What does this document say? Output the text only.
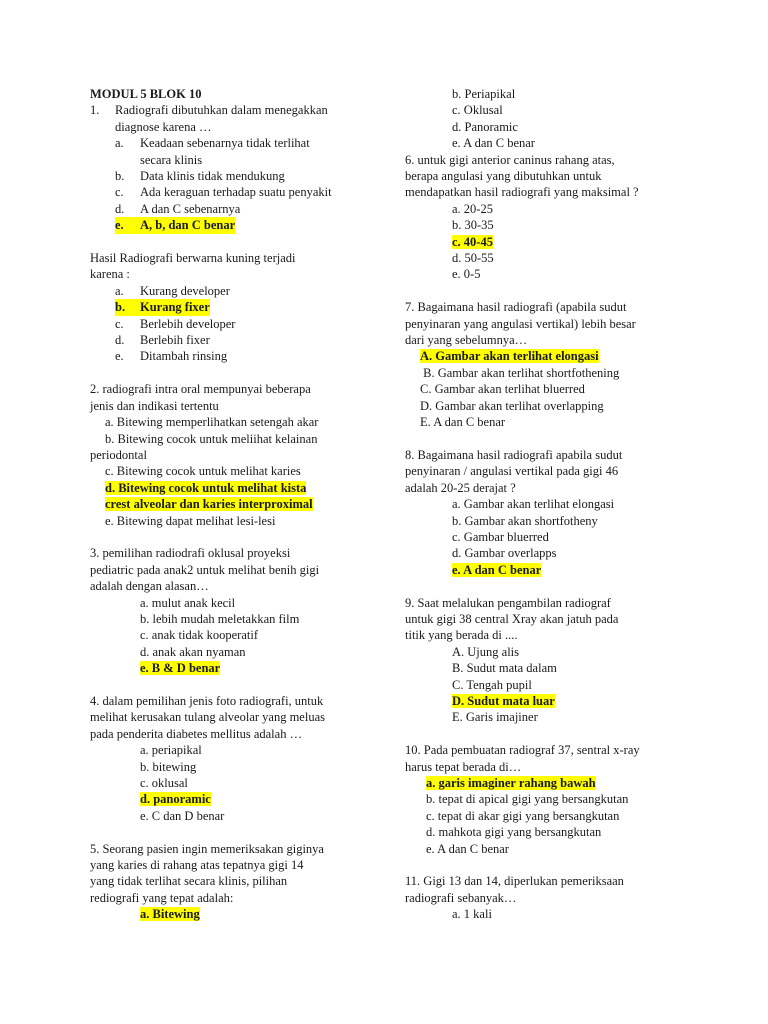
MODUL 5 BLOK 10
1.	Radiografi dibutuhkan dalam menegakkan
diagnose karena …
a.	Keadaan sebenarnya tidak terlihat
secara klinis
b.	Data klinis tidak mendukung
c.	Ada keraguan terhadap suatu penyakit
d.	A dan C sebenarnya
e.	A, b, dan C benar
Hasil Radiografi berwarna kuning terjadi
karena :
a.	Kurang developer
b.	Kurang fixer
c.	Berlebih developer
d.	Berlebih fixer
e.	Ditambah rinsing
2. radiografi intra oral mempunyai beberapa
jenis dan indikasi tertentu
a. Bitewing memperlihatkan setengah akar
b. Bitewing cocok untuk meliihat kelainan
periodontal
c. Bitewing cocok untuk melihat karies
d. Bitewing cocok untuk melihat kista
crest alveolar dan karies interproximal
e. Bitewing dapat melihat lesi-lesi
3. pemilihan radiodrafi oklusal proyeksi
pediatric pada anak2 untuk melihat benih gigi
adalah dengan alasan…
a. mulut anak kecil
b. lebih mudah meletakkan film
c. anak tidak kooperatif
d. anak akan nyaman
e. B & D benar
4. dalam pemilihan jenis foto radiografi, untuk
melihat kerusakan tulang alveolar yang meluas
pada penderita diabetes mellitus adalah …
a. periapikal
b. bitewing
c. oklusal
d. panoramic
e. C dan D benar
5. Seorang pasien ingin memeriksakan giginya
yang karies di rahang atas tepatnya gigi 14
yang tidak terlihat secara klinis, pilihan
rediografi yang tepat adalah:
a. Bitewing
b. Periapikal
c. Oklusal
d. Panoramic
e. A dan C benar
6. untuk gigi anterior caninus rahang atas,
berapa angulasi yang dibutuhkan untuk
mendapatkan hasil radiografi yang maksimal ?
a. 20-25
b. 30-35
c. 40-45
d. 50-55
e. 0-5
7. Bagaimana hasil radiografi (apabila sudut
penyinaran yang angulasi vertikal) lebih besar
dari yang sebelumnya…
A. Gambar akan terlihat elongasi
B. Gambar akan terlihat shortfothening
C. Gambar akan terlihat bluerred
D. Gambar akan terlihat overlapping
E. A dan C benar
8. Bagaimana hasil radiografi apabila sudut
penyinaran / angulasi vertikal pada gigi 46
adalah 20-25 derajat ?
a. Gambar akan terlihat elongasi
b. Gambar akan shortfotheny
c. Gambar bluerred
d. Gambar overlapps
e. A dan C benar
9. Saat melalukan pengambilan radiograf
untuk gigi 38 central Xray akan jatuh pada
titik yang berada di ....
A. Ujung alis
B. Sudut mata dalam
C. Tengah pupil
D. Sudut mata luar
E. Garis imajiner
10. Pada pembuatan radiograf 37, sentral x-ray
harus tepat berada di…
a. garis imaginer rahang bawah
b. tepat di apical gigi yang bersangkutan
c. tepat di akar gigi yang bersangkutan
d. mahkota gigi yang bersangkutan
e. A dan C benar
11. Gigi 13 dan 14, diperlukan pemeriksaan
radiografi sebanyak…
a. 1 kali
